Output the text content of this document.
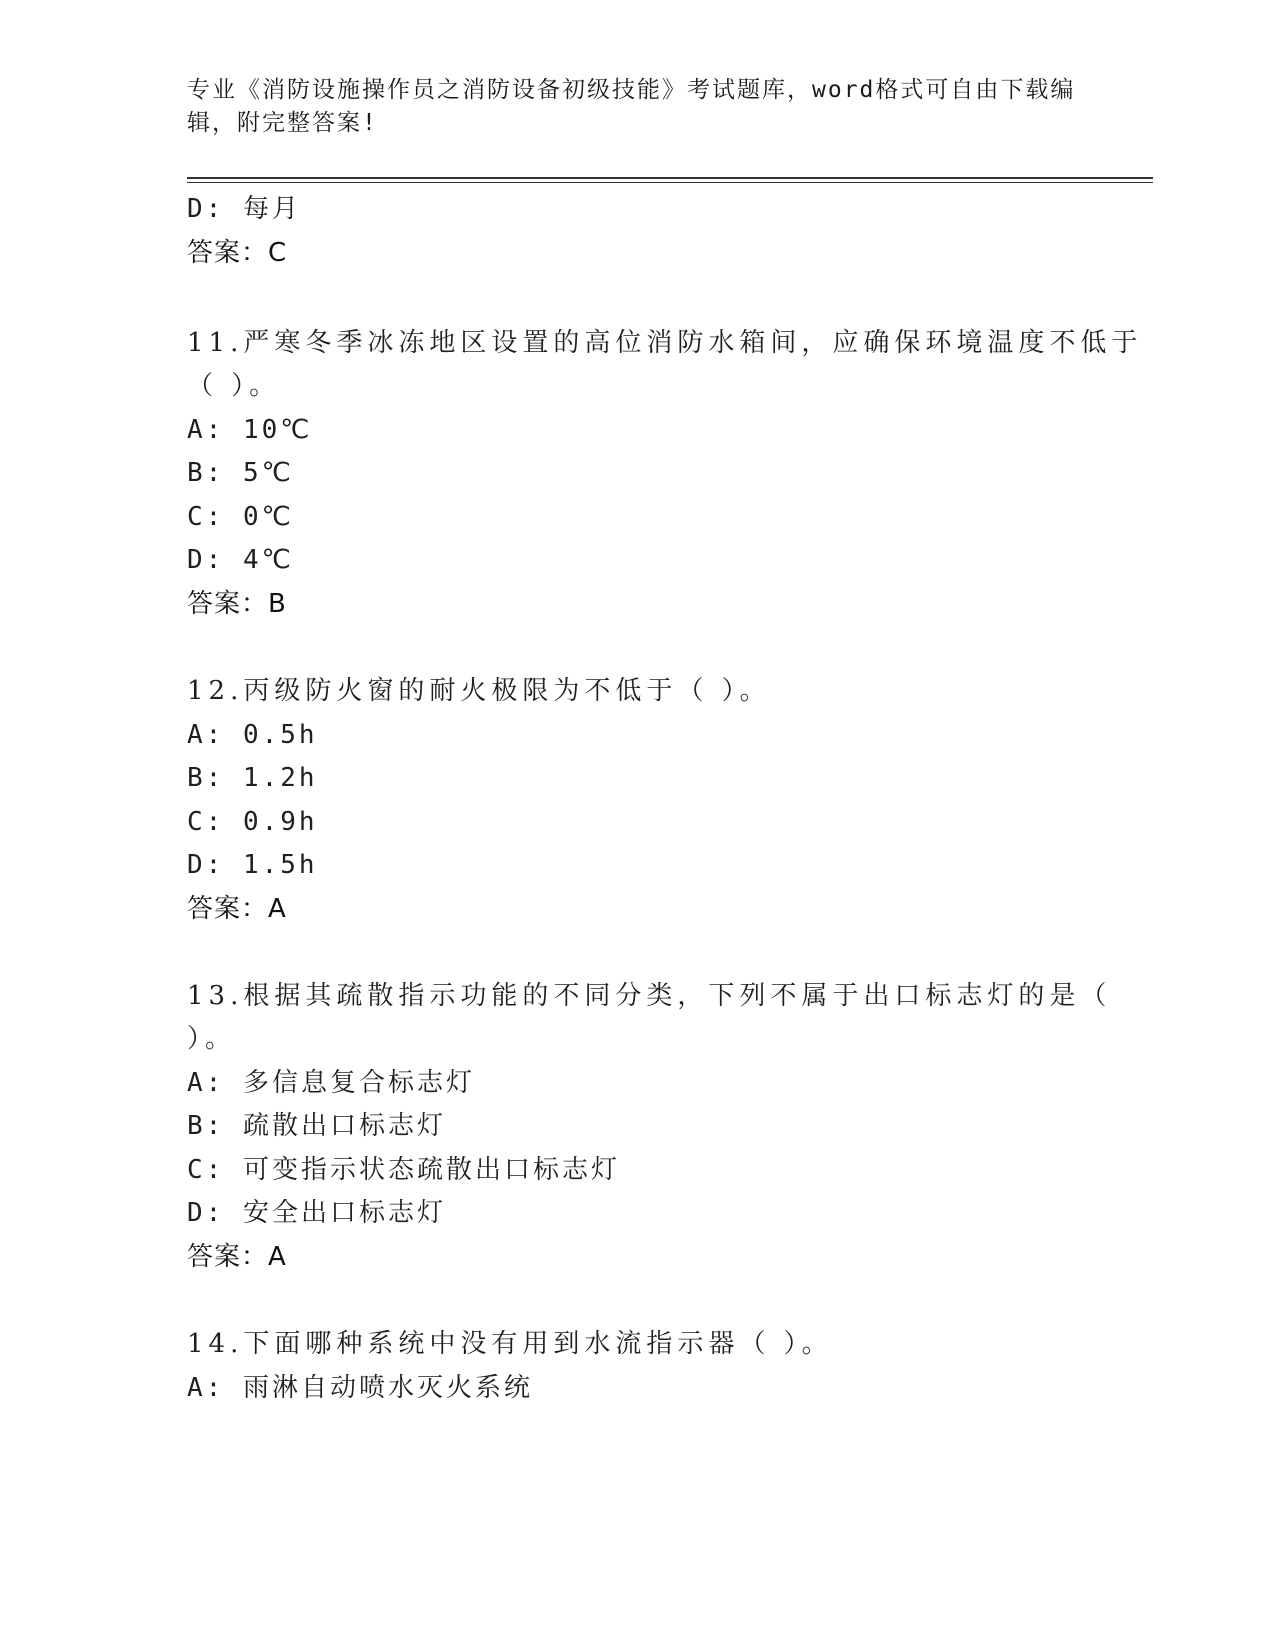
专业《消防设施操作员之消防设备初级技能》考试题库，word格式可自由下载编辑，附完整答案!
D: 每月
答案：C
11.严寒冬季冰冻地区设置的高位消防水箱间，应确保环境温度不低于
（ ）。
A: 10℃
B: 5℃
C: 0℃
D: 4℃
答案：B
12.丙级防火窗的耐火极限为不低于（ ）。
A: 0.5h
B: 1.2h
C: 0.9h
D: 1.5h
答案：A
13.根据其疏散指示功能的不同分类，下列不属于出口标志灯的是（
）。
A: 多信息复合标志灯
B: 疏散出口标志灯
C: 可变指示状态疏散出口标志灯
D: 安全出口标志灯
答案：A
14.下面哪种系统中没有用到水流指示器（ ）。
A: 雨淋自动喷水灭火系统
